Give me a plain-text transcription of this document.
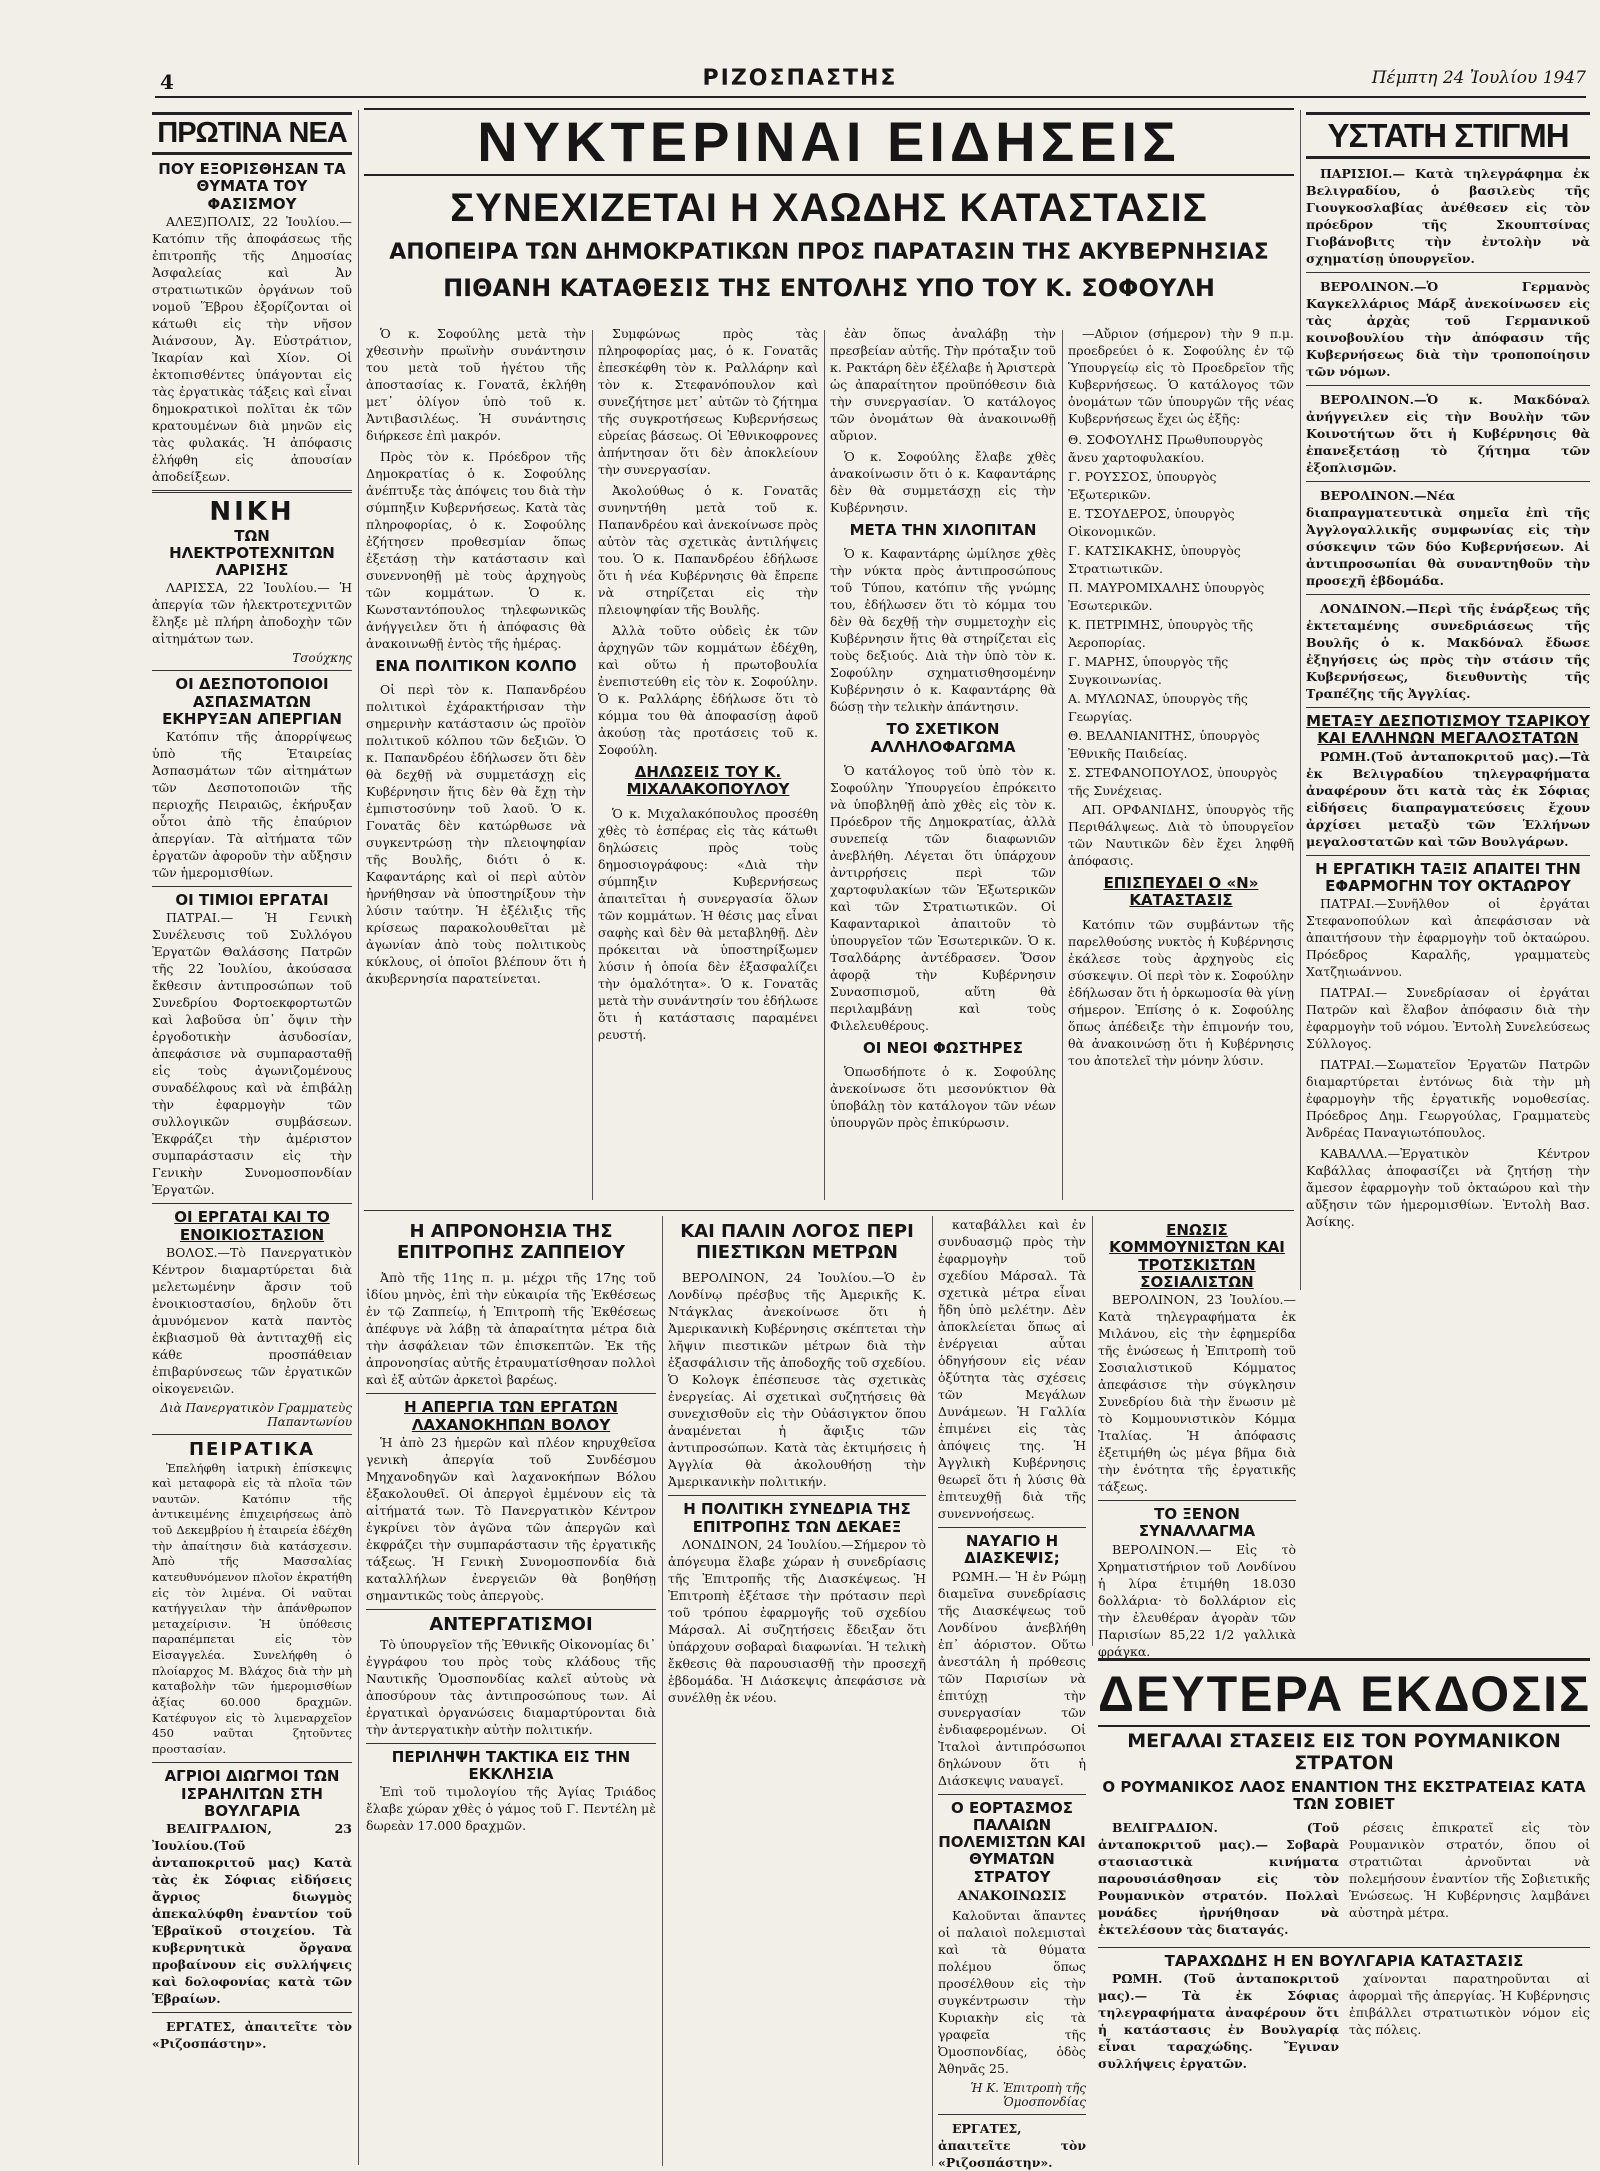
4	ΡΙΖΟΣΠΑΣΤΗΣ	Πέμπτη 24 Ἰουλίου 1947
ΠΡΩΤΙΝΑ ΝΕΑ
ΠΟΥ ΕΞΟΡΙΣΘΗΣΑΝ ΤΑ ΘΥΜΑΤΑ ΤΟΥ ΦΑΣΙΣΜΟΥ

ΑΛΕΞ)ΠΟΛΙΣ, 22 Ἰουλίου.— Κατόπιν τῆς ἀποφάσεως τῆς ἐπιτροπῆς τῆς Δημοσίας Ἀσφαλείας καὶ Ἀν στρατιωτικῶν ὀργάνων τοῦ νομοῦ Ἕβρου ἐξορίζονται οἱ κάτωθι εἰς τὴν νῆσον Ἀιάνσουν, Ἀγ. Εὐστράτιον, Ἰκαρίαν καὶ Χίον. Οἱ ἐκτοπισθέντες ὑπάγονται εἰς τὰς ἐργατικὰς τάξεις καὶ εἶναι δημοκρατικοὶ πολῖται ἐκ τῶν κρατουμένων διὰ μηνῶν εἰς τὰς φυλακάς. Ἡ ἀπόφασις ἐλήφθη εἰς ἀπουσίαν ἀποδείξεων.

ΝΙΚΗ
ΤΩΝ ΗΛΕΚΤΡΟΤΕΧΝΙΤΩΝ ΛΑΡΙΣΗΣ

ΛΑΡΙΣΣΑ, 22 Ἰουλίου.— Ἡ ἀπεργία τῶν ἠλεκτροτεχνιτῶν ἔληξε μὲ πλήρη ἀποδοχὴν τῶν αἰτημάτων των.

Τσούχκης

ΟΙ ΔΕΣΠΟΤΟΠΟΙΟΙ ΑΣΠΑΣΜΑΤΩΝ ΕΚΗΡΥΞΑΝ ΑΠΕΡΓΙΑΝ

Κατόπιν τῆς ἀπορρίψεως ὑπὸ τῆς Ἑταιρείας Ἀσπασμάτων τῶν αἰτημάτων τῶν Δεσποτοποιῶν τῆς περιοχῆς Πειραιῶς, ἐκήρυξαν οὗτοι ἀπὸ τῆς ἐπαύριον ἀπεργίαν. Τὰ αἰτήματα τῶν ἐργατῶν ἀφοροῦν τὴν αὔξησιν τῶν ἡμερομισθίων.

ΟΙ ΤΙΜΙΟΙ ΕΡΓΑΤΑΙ

ΠΑΤΡΑΙ.— Ἡ Γενικὴ Συνέλευσις τοῦ Συλλόγου Ἐργατῶν Θαλάσσης Πατρῶν τῆς 22 Ἰουλίου, ἀκούσασα ἔκθεσιν ἀντιπροσώπων τοῦ Συνεδρίου Φορτοεκφορτωτῶν καὶ λαβοῦσα ὑπ᾽ ὄψιν τὴν ἐργοδοτικὴν ἀσυδοσίαν, ἀπεφάσισε νὰ συμπαρασταθῇ εἰς τοὺς ἀγωνιζομένους συναδέλφους καὶ νὰ ἐπιβάλῃ τὴν ἐφαρμογὴν τῶν συλλογικῶν συμβάσεων. Ἐκφράζει τὴν ἀμέριστον συμπαράστασιν εἰς τὴν Γενικὴν Συνομοσπονδίαν Ἐργατῶν.

ΟΙ ΕΡΓΑΤΑΙ ΚΑΙ ΤΟ ΕΝΟΙΚΙΟΣΤΑΣΙΟΝ

ΒΟΛΟΣ.—Τὸ Πανεργατικὸν Κέντρον διαμαρτύρεται διὰ μελετωμένην ἄρσιν τοῦ ἐνοικιοστασίου, δηλοῦν ὅτι ἀμυνόμενον κατὰ παντὸς ἐκβιασμοῦ θὰ ἀντιταχθῇ εἰς κάθε προσπάθειαν ἐπιβαρύνσεως τῶν ἐργατικῶν οἰκογενειῶν.

Διὰ Πανεργατικὸν Γραμματεὺς Παπαντωνίου

ΠΕΙΡΑΤΙΚΑ

Ἐπελήφθη ἰατρικὴ ἐπίσκεψις καὶ μεταφορὰ εἰς τὰ πλοῖα τῶν ναυτῶν. Κατόπιν τῆς ἀντικειμένης ἐπιχειρήσεως ἀπὸ τοῦ Δεκεμβρίου ἡ ἑταιρεία ἐδέχθη τὴν ἀπαίτησιν διὰ κατάσχεσιν. Ἀπὸ τῆς Μασσαλίας κατευθυνόμενον πλοῖον ἐκρατήθη εἰς τὸν λιμένα. Οἱ ναῦται κατήγγειλαν τὴν ἀπάνθρωπον μεταχείρισιν. Ἡ ὑπόθεσις παραπέμπεται εἰς τὸν Εἰσαγγελέα. Συνελήφθη ὁ πλοίαρχος Μ. Βλάχος διὰ τὴν μὴ καταβολὴν τῶν ἡμερομισθίων ἀξίας 60.000 δραχμῶν. Κατέφυγον εἰς τὸ λιμεναρχεῖον 450 ναῦται ζητοῦντες προστασίαν.

ΑΓΡΙΟΙ ΔΙΩΓΜΟΙ ΤΩΝ ΙΣΡΑΗΛΙΤΩΝ ΣΤΗ ΒΟΥΛΓΑΡΙΑ

ΒΕΛΙΓΡΑΔΙΟΝ, 23 Ἰουλίου.(Τοῦ ἀνταποκριτοῦ μας) Κατὰ τὰς ἐκ Σόφιας εἰδήσεις ἄγριος διωγμὸς ἀπεκαλύφθη ἐναντίον τοῦ Ἑβραϊκοῦ στοιχείου. Τὰ κυβερνητικὰ ὄργανα προβαίνουν εἰς συλλήψεις καὶ δολοφονίας κατὰ τῶν Ἑβραίων.

ΕΡΓΑΤΕΣ, ἀπαιτεῖτε τὸν «Ριζοσπάστην».

ΝΥΚΤΕΡΙΝΑΙ ΕΙΔΗΣΕΙΣ
ΣΥΝΕΧΙΖΕΤΑΙ Η ΧΑΩΔΗΣ ΚΑΤΑΣΤΑΣΙΣ
ΑΠΟΠΕΙΡΑ ΤΩΝ ΔΗΜΟΚΡΑΤΙΚΩΝ ΠΡΟΣ ΠΑΡΑΤΑΣΙΝ ΤΗΣ ΑΚΥΒΕΡΝΗΣΙΑΣ
ΠΙΘΑΝΗ ΚΑΤΑΘΕΣΙΣ ΤΗΣ ΕΝΤΟΛΗΣ ΥΠΟ ΤΟΥ Κ. ΣΟΦΟΥΛΗ

Ὁ κ. Σοφούλης μετὰ τὴν χθεσινὴν πρωϊνὴν συνάντησιν του μετὰ τοῦ ἡγέτου τῆς ἀποστασίας κ. Γονατᾶ, ἐκλήθη μετ᾽ ὀλίγον ὑπὸ τοῦ κ. Ἀντιβασιλέως. Ἡ συνάντησις διήρκεσε ἐπὶ μακρόν.

Πρὸς τὸν κ. Πρόεδρον τῆς Δημοκρατίας ὁ κ. Σοφούλης ἀνέπτυξε τὰς ἀπόψεις του διὰ τὴν σύμπηξιν Κυβερνήσεως. Κατὰ τὰς πληροφορίας, ὁ κ. Σοφούλης ἐζήτησεν προθεσμίαν ὅπως ἐξετάσῃ τὴν κατάστασιν καὶ συνεννοηθῇ μὲ τοὺς ἀρχηγοὺς τῶν κομμάτων. Ὁ κ. Κωνσταντόπουλος τηλεφωνικῶς ἀνήγγειλεν ὅτι ἡ ἀπόφασις θὰ ἀνακοινωθῇ ἐντὸς τῆς ἡμέρας.

ΕΝΑ ΠΟΛΙΤΙΚΟΝ ΚΟΛΠΟ

Οἱ περὶ τὸν κ. Παπανδρέου πολιτικοὶ ἐχάρακτήρισαν τὴν σημερινὴν κατάστασιν ὡς προϊὸν πολιτικοῦ κόλπου τῶν δεξιῶν. Ὁ κ. Παπανδρέου ἐδήλωσεν ὅτι δὲν θὰ δεχθῇ νὰ συμμετάσχῃ εἰς Κυβέρνησιν ἥτις δὲν θὰ ἔχῃ τὴν ἐμπιστοσύνην τοῦ λαοῦ. Ὁ κ. Γονατᾶς δὲν κατώρθωσε νὰ συγκεντρώσῃ τὴν πλειοψηφίαν τῆς Βουλῆς, διότι ὁ κ. Καφαντάρης καὶ οἱ περὶ αὐτὸν ἠρνήθησαν νὰ ὑποστηρίξουν τὴν λύσιν ταύτην. Ἡ ἐξέλιξις τῆς κρίσεως παρακολουθεῖται μὲ ἀγωνίαν ἀπὸ τοὺς πολιτικοὺς κύκλους, οἱ ὁποῖοι βλέπουν ὅτι ἡ ἀκυβερνησία παρατείνεται.

Συμφώνως πρὸς τὰς πληροφορίας μας, ὁ κ. Γονατᾶς ἐπεσκέφθη τὸν κ. Ραλλάρην καὶ τὸν κ. Στεφανόπουλον καὶ συνεζήτησε μετ᾽ αὐτῶν τὸ ζήτημα τῆς συγκροτήσεως Κυβερνήσεως εὐρείας βάσεως. Οἱ Ἐθνικοφρονες ἀπήντησαν ὅτι δὲν ἀποκλείουν τὴν συνεργασίαν.

Ἀκολούθως ὁ κ. Γονατᾶς συνηντήθη μετὰ τοῦ κ. Παπανδρέου καὶ ἀνεκοίνωσε πρὸς αὐτὸν τὰς σχετικὰς ἀντιλήψεις του. Ὁ κ. Παπανδρέου ἐδήλωσε ὅτι ἡ νέα Κυβέρνησις θὰ ἔπρεπε νὰ στηρίζεται εἰς τὴν πλειοψηφίαν τῆς Βουλῆς.

Ἀλλὰ τοῦτο οὐδεὶς ἐκ τῶν ἀρχηγῶν τῶν κομμάτων ἐδέχθη, καὶ οὕτω ἡ πρωτοβουλία ἐνεπιστεύθη εἰς τὸν κ. Σοφούλην. Ὁ κ. Ραλλάρης ἐδήλωσε ὅτι τὸ κόμμα του θὰ ἀποφασίσῃ ἀφοῦ ἀκούσῃ τὰς προτάσεις τοῦ κ. Σοφούλη.

ΔΗΛΩΣΕΙΣ ΤΟΥ Κ. ΜΙΧΑΛΑΚΟΠΟΥΛΟΥ

Ὁ κ. Μιχαλακόπουλος προσέθη χθὲς τὸ ἑσπέρας εἰς τὰς κάτωθι δηλώσεις πρὸς τοὺς δημοσιογράφους: «Διὰ τὴν σύμπηξιν Κυβερνήσεως ἀπαιτεῖται ἡ συνεργασία ὅλων τῶν κομμάτων. Ἡ θέσις μας εἶναι σαφὴς καὶ δὲν θὰ μεταβληθῇ. Δὲν πρόκειται νὰ ὑποστηρίξωμεν λύσιν ἡ ὁποία δὲν ἐξασφαλίζει τὴν ὁμαλότητα». Ὁ κ. Γονατᾶς μετὰ τὴν συνάντησίν του ἐδήλωσε ὅτι ἡ κατάστασις παραμένει ρευστή.

ἐὰν ὅπως ἀναλάβῃ τὴν πρεσβείαν αὐτῆς. Τὴν πρόταξιν τοῦ κ. Ρακτάρη δὲν ἐξέλαβε ἡ Ἀριστερὰ ὡς ἀπαραίτητον προϋπόθεσιν διὰ τὴν συνεργασίαν. Ὁ κατάλογος τῶν ὀνομάτων θὰ ἀνακοινωθῇ αὔριον.

Ὁ κ. Σοφούλης ἔλαβε χθὲς ἀνακοίνωσιν ὅτι ὁ κ. Καφαντάρης δὲν θὰ συμμετάσχῃ εἰς τὴν Κυβέρνησιν.

ΜΕΤΑ ΤΗΝ ΧΙΛΟΠΙΤΑΝ

Ὁ κ. Καφαντάρης ὡμίλησε χθὲς τὴν νύκτα πρὸς ἀντιπροσώπους τοῦ Τύπου, κατόπιν τῆς γνώμης του, ἐδήλωσεν ὅτι τὸ κόμμα του δὲν θὰ δεχθῇ τὴν συμμετοχὴν εἰς Κυβέρνησιν ἥτις θὰ στηρίζεται εἰς τοὺς δεξιούς. Διὰ τὴν ὑπὸ τὸν κ. Σοφούλην σχηματισθησομένην Κυβέρνησιν ὁ κ. Καφαντάρης θὰ δώσῃ τὴν τελικὴν ἀπάντησιν.

ΤΟ ΣΧΕΤΙΚΟΝ ΑΛΛΗΛΟΦΑΓΩΜΑ

Ὁ κατάλογος τοῦ ὑπὸ τὸν κ. Σοφούλην Ὑπουργείου ἐπρόκειτο νὰ ὑποβληθῇ ἀπὸ χθὲς εἰς τὸν κ. Πρόεδρον τῆς Δημοκρατίας, ἀλλὰ συνεπείᾳ τῶν διαφωνιῶν ἀνεβλήθη. Λέγεται ὅτι ὑπάρχουν ἀντιρρήσεις περὶ τῶν χαρτοφυλακίων τῶν Ἐξωτερικῶν καὶ τῶν Στρατιωτικῶν. Οἱ Καφανταρικοὶ ἀπαιτοῦν τὸ ὑπουργεῖον τῶν Ἐσωτερικῶν. Ὁ κ. Τσαλδάρης ἀντέδρασεν. Ὅσον ἀφορᾷ τὴν Κυβέρνησιν Συνασπισμοῦ, αὕτη θὰ περιλαμβάνῃ καὶ τοὺς Φιλελευθέρους.

ΟΙ ΝΕΟΙ ΦΩΣΤΗΡΕΣ

Ὁπωσδήποτε ὁ κ. Σοφούλης ἀνεκοίνωσε ὅτι μεσονύκτιον θὰ ὑποβάλῃ τὸν κατάλογον τῶν νέων ὑπουργῶν πρὸς ἐπικύρωσιν.

—Αὔριον (σήμερον) τὴν 9 π.μ. προεδρεύει ὁ κ. Σοφούλης ἐν τῷ Ὑπουργείῳ εἰς τὸ Προεδρεῖον τῆς Κυβερνήσεως. Ὁ κατάλογος τῶν ὀνομάτων τῶν ὑπουργῶν τῆς νέας Κυβερνήσεως ἔχει ὡς ἑξῆς:

Θ. ΣΟΦΟΥΛΗΣ Πρωθυπουργὸς ἄνευ χαρτοφυλακίου.
Γ. ΡΟΥΣΣΟΣ, ὑπουργὸς Ἐξωτερικῶν.
Ε. ΤΣΟΥΔΕΡΟΣ, ὑπουργὸς Οἰκονομικῶν.
Γ. ΚΑΤΣΙΚΑΚΗΣ, ὑπουργὸς Στρατιωτικῶν.
Π. ΜΑΥΡΟΜΙΧΑΛΗΣ ὑπουργὸς Ἐσωτερικῶν.
Κ. ΠΕΤΡΙΜΗΣ, ὑπουργὸς τῆς Ἀεροπορίας.
Γ. ΜΑΡΗΣ, ὑπουργὸς τῆς Συγκοινωνίας.
Α. ΜΥΛΩΝΑΣ, ὑπουργὸς τῆς Γεωργίας.
Θ. ΒΕΛΑΝΙΑΝΙΤΗΣ, ὑπουργὸς Ἐθνικῆς Παιδείας.
Σ. ΣΤΕΦΑΝΟΠΟΥΛΟΣ, ὑπουργὸς τῆς Συνέχειας.

ΑΠ. ΟΡΦΑΝΙΔΗΣ, ὑπουργὸς τῆς Περιθάλψεως. Διὰ τὸ ὑπουργεῖον τῶν Ναυτικῶν δὲν ἔχει ληφθῆ ἀπόφασις.

ΕΠΙΣΠΕΥΔΕΙ Ο «Ν» ΚΑΤΑΣΤΑΣΙΣ

Κατόπιν τῶν συμβάντων τῆς παρελθούσης νυκτὸς ἡ Κυβέρνησις ἐκάλεσε τοὺς ἀρχηγοὺς εἰς σύσκεψιν. Οἱ περὶ τὸν κ. Σοφούλην ἐδήλωσαν ὅτι ἡ ὁρκωμοσία θὰ γίνῃ σήμερον. Ἐπίσης ὁ κ. Σοφούλης ὅπως ἀπέδειξε τὴν ἐπιμονήν του, θὰ ἀνακοινώσῃ ὅτι ἡ Κυβέρνησις του ἀποτελεῖ τὴν μόνην λύσιν.

Η ΑΠΡΟΝΟΗΣΙΑ ΤΗΣ ΕΠΙΤΡΟΠΗΣ ΖΑΠΠΕΙΟΥ

Ἀπὸ τῆς 11ης π. μ. μέχρι τῆς 17ης τοῦ ἰδίου μηνὸς, ἐπὶ τὴν εὐκαιρία τῆς Ἐκθέσεως ἐν τῷ Ζαππείῳ, ἡ Ἐπιτροπὴ τῆς Ἐκθέσεως ἀπέφυγε νὰ λάβῃ τὰ ἀπαραίτητα μέτρα διὰ τὴν ἀσφάλειαν τῶν ἐπισκεπτῶν. Ἐκ τῆς ἀπρονοησίας αὐτῆς ἐτραυματίσθησαν πολλοὶ καὶ ἐξ αὐτῶν ἀρκετοὶ βαρέως.

Η ΑΠΕΡΓΙΑ ΤΩΝ ΕΡΓΑΤΩΝ ΛΑΧΑΝΟΚΗΠΩΝ ΒΟΛΟΥ

Ἡ ἀπὸ 23 ἡμερῶν καὶ πλέον κηρυχθεῖσα γενικὴ ἀπεργία τοῦ Συνδέσμου Μηχανοδηγῶν καὶ λαχανοκήπων Βόλου ἐξακολουθεῖ. Οἱ ἀπεργοὶ ἐμμένουν εἰς τὰ αἰτήματά των. Τὸ Πανεργατικὸν Κέντρον ἐγκρίνει τὸν ἀγῶνα τῶν ἀπεργῶν καὶ ἐκφράζει τὴν συμπαράστασιν τῆς ἐργατικῆς τάξεως. Ἡ Γενικὴ Συνομοσπονδία διὰ καταλλήλων ἐνεργειῶν θὰ βοηθήσῃ σημαντικῶς τοὺς ἀπεργοὺς.

ΑΝΤΕΡΓΑΤΙΣΜΟΙ

Τὸ ὑπουργεῖον τῆς Ἐθνικῆς Οἰκονομίας δι᾽ ἐγγράφου του πρὸς τοὺς κλάδους τῆς Ναυτικῆς Ὁμοσπονδίας καλεῖ αὐτοὺς νὰ ἀποσύρουν τὰς ἀντιπροσώπους των. Αἱ ἐργατικαὶ ὀργανώσεις διαμαρτύρονται διὰ τὴν ἀντεργατικὴν αὐτὴν πολιτικήν.

ΠΕΡΙΛΗΨΗ ΤΑΚΤΙΚΑ ΕΙΣ ΤΗΝ ΕΚΚΛΗΣΙΑ

Ἐπὶ τοῦ τιμολογίου τῆς Ἀγίας Τριάδος ἔλαβε χώραν χθὲς ὁ γάμος τοῦ Γ. Πεντέλη μὲ δωρεὰν 17.000 δραχμῶν.

ΚΑΙ ΠΑΛΙΝ ΛΟΓΟΣ ΠΕΡΙ ΠΙΕΣΤΙΚΩΝ ΜΕΤΡΩΝ

ΒΕΡΟΛΙΝΟΝ, 24 Ἰουλίου.—Ὁ ἐν Λονδίνῳ πρέσβυς τῆς Ἀμερικῆς Κ. Ντάγκλας ἀνεκοίνωσε ὅτι ἡ Ἀμερικανικὴ Κυβέρνησις σκέπτεται τὴν λῆψιν πιεστικῶν μέτρων διὰ τὴν ἐξασφάλισιν τῆς ἀποδοχῆς τοῦ σχεδίου. Ὁ Κολογκ ἐπέσπευσε τὰς σχετικὰς ἐνεργείας. Αἱ σχετικαὶ συζητήσεις θὰ συνεχισθοῦν εἰς τὴν Οὐάσιγκτον ὅπου ἀναμένεται ἡ ἄφιξις τῶν ἀντιπροσώπων. Κατὰ τὰς ἐκτιμήσεις ἡ Ἀγγλία θὰ ἀκολουθήσῃ τὴν Ἀμερικανικὴν πολιτικήν.

Η ΠΟΛΙΤΙΚΗ ΣΥΝΕΔΡΙΑ ΤΗΣ ΕΠΙΤΡΟΠΗΣ ΤΩΝ ΔΕΚΑΕΞ

ΛΟΝΔΙΝΟΝ, 24 Ἰουλίου.—Σήμερον τὸ ἀπόγευμα ἔλαβε χώραν ἡ συνεδρίασις τῆς Ἐπιτροπῆς τῆς Διασκέψεως. Ἡ Ἐπιτροπὴ ἐξέτασε τὴν πρότασιν περὶ τοῦ τρόπου ἐφαρμογῆς τοῦ σχεδίου Μάρσαλ. Αἱ συζητήσεις ἔδειξαν ὅτι ὑπάρχουν σοβαραὶ διαφωνίαι. Ἡ τελικὴ ἔκθεσις θὰ παρουσιασθῇ τὴν προσεχῆ ἑβδομάδα. Ἡ Διάσκεψις ἀπεφάσισε νὰ συνέλθῃ ἐκ νέου.

καταβάλλει καὶ ἐν συνδυασμῷ πρὸς τὴν ἐφαρμογὴν τοῦ σχεδίου Μάρσαλ. Τὰ σχετικὰ μέτρα εἶναι ἤδη ὑπὸ μελέτην. Δὲν ἀποκλείεται ὅπως αἱ ἐνέργειαι αὗται ὁδηγήσουν εἰς νέαν ὀξύτητα τὰς σχέσεις τῶν Μεγάλων Δυνάμεων. Ἡ Γαλλία ἐπιμένει εἰς τὰς ἀπόψεις της. Ἡ Ἀγγλικὴ Κυβέρνησις θεωρεῖ ὅτι ἡ λύσις θὰ ἐπιτευχθῇ διὰ τῆς συνεννοήσεως.

ΝΑΥΑΓΙΟ Η ΔΙΑΣΚΕΨΙΣ;

ΡΩΜΗ.— Ἡ ἐν Ρώμῃ διαμεῖνα συνεδρίασις τῆς Διασκέψεως τοῦ Λονδίνου ἀνεβλήθη ἐπ᾽ ἀόριστον. Οὕτω ἀνεστάλη ἡ πρόθεσις τῶν Παρισίων νὰ ἐπιτύχῃ τὴν συνεργασίαν τῶν ἐνδιαφερομένων. Οἱ Ἰταλοὶ ἀντιπρόσωποι δηλώνουν ὅτι ἡ Διάσκεψις ναυαγεῖ.

Ο ΕΟΡΤΑΣΜΟΣ ΠΑΛΑΙΩΝ ΠΟΛΕΜΙΣΤΩΝ ΚΑΙ ΘΥΜΑΤΩΝ ΣΤΡΑΤΟΥ
ΑΝΑΚΟΙΝΩΣΙΣ

Καλοῦνται ἅπαντες οἱ παλαιοὶ πολεμισταὶ καὶ τὰ θύματα πολέμου ὅπως προσέλθουν εἰς τὴν συγκέντρωσιν τὴν Κυριακὴν εἰς τὰ γραφεῖα τῆς Ὀμοσπονδίας, ὁδὸς Ἀθηνᾶς 25.

Ἡ Κ. Ἐπιτροπὴ τῆς Ὁμοσπονδίας

ΕΡΓΑΤΕΣ, ἀπαιτεῖτε τὸν «Ριζοσπάστην».

ΕΝΩΣΙΣ ΚΟΜΜΟΥΝΙΣΤΩΝ ΚΑΙ ΤΡΟΤΣΚΙΣΤΩΝ ΣΟΣΙΑΛΙΣΤΩΝ

ΒΕΡΟΛΙΝΟΝ, 23 Ἰουλίου.— Κατὰ τηλεγραφήματα ἐκ Μιλάνου, εἰς τὴν ἐφημερίδα τῆς ἑνώσεως ἡ Ἐπιτροπὴ τοῦ Σοσιαλιστικοῦ Κόμματος ἀπεφάσισε τὴν σύγκλησιν Συνεδρίου διὰ τὴν ἕνωσιν μὲ τὸ Κομμουνιστικὸν Κόμμα Ἰταλίας. Ἡ ἀπόφασις ἐξετιμήθη ὡς μέγα βῆμα διὰ τὴν ἑνότητα τῆς ἐργατικῆς τάξεως.

ΤΟ ΞΕΝΟΝ ΣΥΝΑΛΛΑΓΜΑ

ΒΕΡΟΛΙΝΟΝ.— Εἰς τὸ Χρηματιστήριον τοῦ Λονδίνου ἡ λίρα ἐτιμήθη 18.030 δολλάρια· τὸ δολλάριον εἰς τὴν ἐλευθέραν ἀγορὰν τῶν Παρισίων 85,22 1/2 γαλλικὰ φράγκα.

ΥΣΤΑΤΗ ΣΤΙΓΜΗ

ΠΑΡΙΣΙΟΙ.— Κατὰ τηλεγράφημα ἐκ Βελιγραδίου, ὁ βασιλεὺς τῆς Γιουγκοσλαβίας ἀνέθεσεν εἰς τὸν πρόεδρον τῆς Σκουπτσίνας Γιοβάνοβιτς τὴν ἐντολὴν νὰ σχηματίσῃ ὑπουργεῖον.

ΒΕΡΟΛΙΝΟΝ.—Ὁ Γερμανὸς Καγκελλάριος Μάρξ ἀνεκοίνωσεν εἰς τὰς ἀρχὰς τοῦ Γερμανικοῦ κοινοβουλίου τὴν ἀπόφασιν τῆς Κυβερνήσεως διὰ τὴν τροποποίησιν τῶν νόμων.

ΒΕΡΟΛΙΝΟΝ.—Ὁ κ. Μακδόναλ ἀνήγγειλεν εἰς τὴν Βουλὴν τῶν Κοινοτήτων ὅτι ἡ Κυβέρνησις θὰ ἐπανεξετάσῃ τὸ ζήτημα τῶν ἐξοπλισμῶν.

ΒΕΡΟΛΙΝΟΝ.—Νέα διαπραγματευτικὰ σημεῖα ἐπὶ τῆς Ἀγγλογαλλικῆς συμφωνίας εἰς τὴν σύσκεψιν τῶν δύο Κυβερνήσεων. Αἱ ἀντιπροσωπίαι θὰ συναντηθοῦν τὴν προσεχῆ ἑβδομάδα.

ΛΟΝΔΙΝΟΝ.—Περὶ τῆς ἐνάρξεως τῆς ἐκτεταμένης συνεδριάσεως τῆς Βουλῆς ὁ κ. Μακδόναλ ἔδωσε ἐξηγήσεις ὡς πρὸς τὴν στάσιν τῆς Κυβερνήσεως, διευθυντὴς τῆς Τραπέζης τῆς Ἀγγλίας.

ΜΕΤΑΞΥ ΔΕΣΠΟΤΙΣΜΟΥ ΤΣΑΡΙΚΟΥ ΚΑΙ ΕΛΛΗΝΩΝ ΜΕΓΑΛΟΣΤΑΤΩΝ

ΡΩΜΗ.(Τοῦ ἀνταποκριτοῦ μας).—Τὰ ἐκ Βελιγραδίου τηλεγραφήματα ἀναφέρουν ὅτι κατὰ τὰς ἐκ Σόφιας εἰδήσεις διαπραγματεύσεις ἔχουν ἀρχίσει μεταξὺ τῶν Ἑλλήνων μεγαλοστατῶν καὶ τῶν Βουλγάρων.

Η ΕΡΓΑΤΙΚΗ ΤΑΞΙΣ ΑΠΑΙΤΕΙ ΤΗΝ ΕΦΑΡΜΟΓΗΝ ΤΟΥ ΟΚΤΑΩΡΟΥ

ΠΑΤΡΑΙ.—Συνῆλθον οἱ ἐργάται Στεφανοπούλων καὶ ἀπεφάσισαν νὰ ἀπαιτήσουν τὴν ἐφαρμογὴν τοῦ ὀκταώρου. Πρόεδρος Καραλῆς, γραμματεὺς Χατζηιωάννου.

ΠΑΤΡΑΙ.— Συνεδρίασαν οἱ ἐργάται Πατρῶν καὶ ἔλαβον ἀπόφασιν διὰ τὴν ἐφαρμογὴν τοῦ νόμου. Ἐντολὴ Συνελεύσεως Σύλλογος.

ΠΑΤΡΑΙ.—Σωματεῖον Ἐργατῶν Πατρῶν διαμαρτύρεται ἐντόνως διὰ τὴν μὴ ἐφαρμογὴν τῆς ἐργατικῆς νομοθεσίας. Πρόεδρος Δημ. Γεωργούλας, Γραμματεὺς Ἀνδρέας Παναγιωτόπουλος.

ΚΑΒΑΛΛΑ.—Ἐργατικὸν Κέντρον Καβάλλας ἀποφασίζει νὰ ζητήσῃ τὴν ἄμεσον ἐφαρμογὴν τοῦ ὀκταώρου καὶ τὴν αὔξησιν τῶν ἡμερομισθίων. Ἐντολὴ Βασ. Ἀσίκης.

ΔΕΥΤΕΡΑ ΕΚΔΟΣΙΣ
ΜΕΓΑΛΑΙ ΣΤΑΣΕΙΣ ΕΙΣ ΤΟΝ ΡΟΥΜΑΝΙΚΟΝ ΣΤΡΑΤΟΝ
Ο ΡΟΥΜΑΝΙΚΟΣ ΛΑΟΣ ΕΝΑΝΤΙΟΝ ΤΗΣ ΕΚΣΤΡΑΤΕΙΑΣ ΚΑΤΑ ΤΩΝ ΣΟΒΙΕΤ

ΒΕΛΙΓΡΑΔΙΟΝ. (Τοῦ ἀνταποκριτοῦ μας).— Σοβαρὰ στασιαστικὰ κινήματα παρουσιάσθησαν εἰς τὸν Ρουμανικὸν στρατόν. Πολλαὶ μονάδες ἠρνήθησαν νὰ ἐκτελέσουν τὰς διαταγάς.

ρέσεις ἐπικρατεῖ εἰς τὸν Ρουμανικὸν στρατόν, ὅπου οἱ στρατιῶται ἀρνοῦνται νὰ πολεμήσουν ἐναντίον τῆς Σοβιετικῆς Ἑνώσεως. Ἡ Κυβέρνησις λαμβάνει αὐστηρὰ μέτρα.

ΤΑΡΑΧΩΔΗΣ Η ΕΝ ΒΟΥΛΓΑΡΙΑ ΚΑΤΑΣΤΑΣΙΣ

ΡΩΜΗ. (Τοῦ ἀνταποκριτοῦ μας).— Τὰ ἐκ Σόφιας τηλεγραφήματα ἀναφέρουν ὅτι ἡ κατάστασις ἐν Βουλγαρίᾳ εἶναι ταραχώδης. Ἔγιναν συλλήψεις ἐργατῶν.

χαίνονται παρατηροῦνται αἱ ἀφορμαὶ τῆς ἀπεργίας. Ἡ Κυβέρνησις ἐπιβάλλει στρατιωτικὸν νόμον εἰς τὰς πόλεις.
